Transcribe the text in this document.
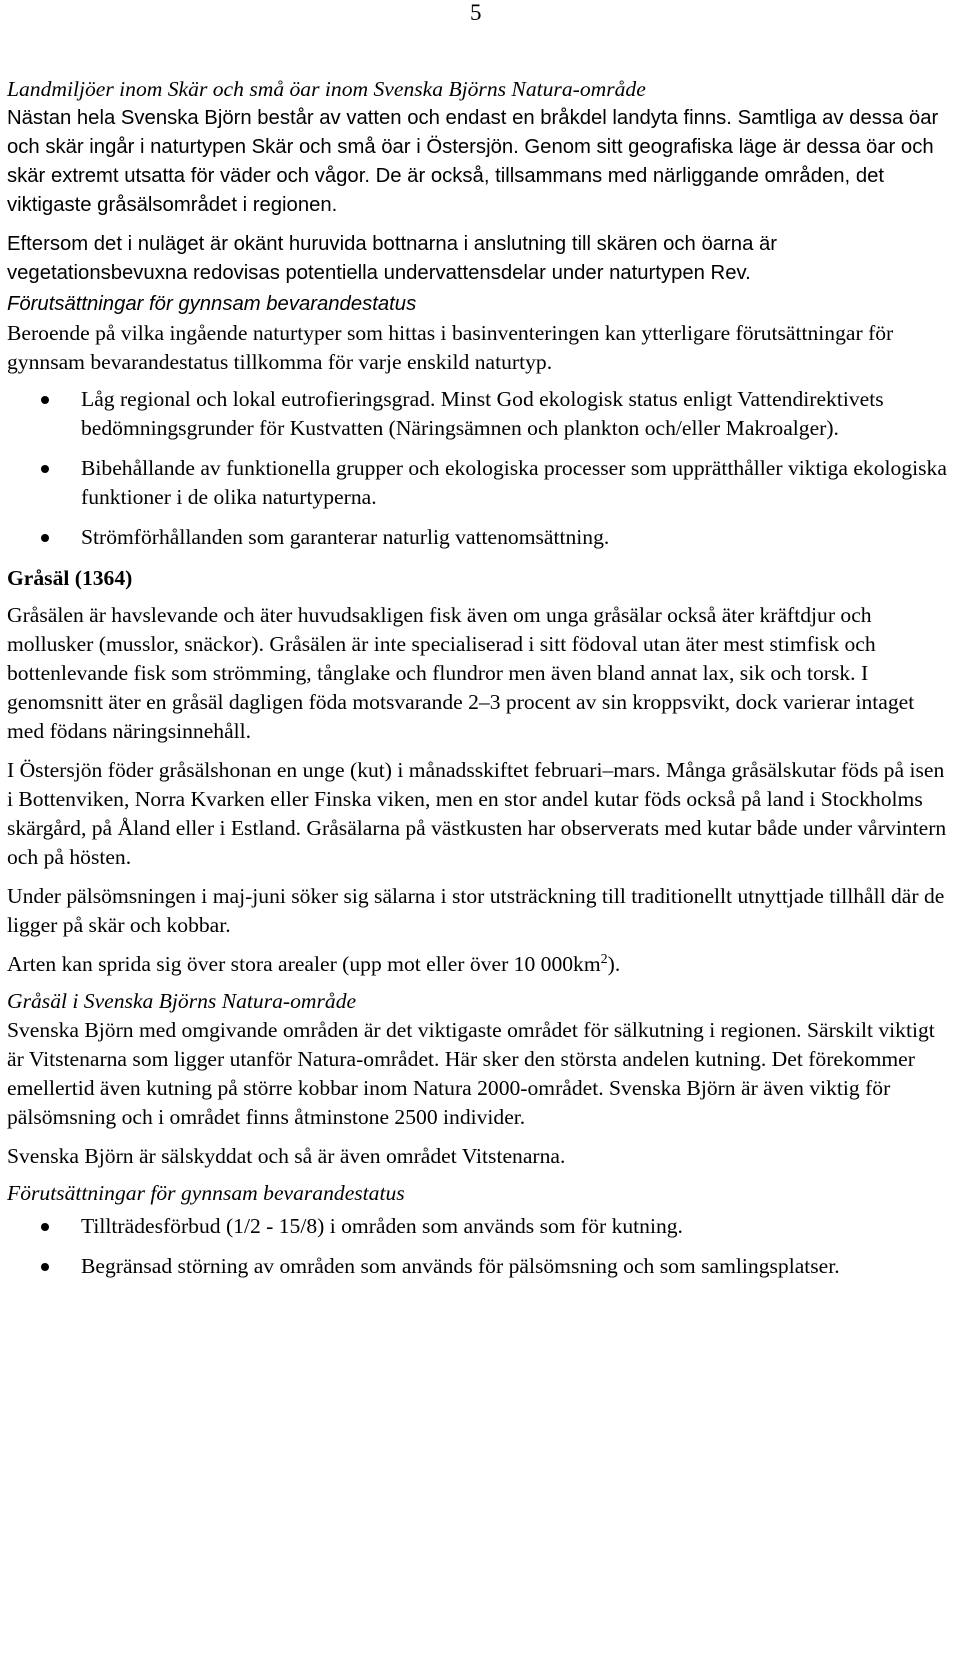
5

Landmiljöer inom Skär och små öar inom Svenska Björns Natura-område

Nästan hela Svenska Björn består av vatten och endast en bråkdel landyta finns. Samtliga av dessa öar och skär ingår i naturtypen Skär och små öar i Östersjön. Genom sitt geografiska läge är dessa öar och skär extremt utsatta för väder och vågor. De är också, tillsammans med närliggande områden, det viktigaste gråsälsområdet i regionen.

Eftersom det i nuläget är okänt huruvida bottnarna i anslutning till skären och öarna är vegetationsbevuxna redovisas potentiella undervattensdelar under naturtypen Rev.

Förutsättningar för gynnsam bevarandestatus

Beroende på vilka ingående naturtyper som hittas i basinventeringen kan ytterligare förutsättningar för gynnsam bevarandestatus tillkomma för varje enskild naturtyp.

Låg regional och lokal eutrofieringsgrad. Minst God ekologisk status enligt Vattendirektivets bedömningsgrunder för Kustvatten (Näringsämnen och plankton och/eller Makroalger).
Bibehållande av funktionella grupper och ekologiska processer som upprätthåller viktiga ekologiska funktioner i de olika naturtyperna.
Strömförhållanden som garanterar naturlig vattenomsättning.

Gråsäl (1364)

Gråsälen är havslevande och äter huvudsakligen fisk även om unga gråsälar också äter kräftdjur och mollusker (musslor, snäckor). Gråsälen är inte specialiserad i sitt födoval utan äter mest stimfisk och bottenlevande fisk som strömming, tånglake och flundror men även bland annat lax, sik och torsk. I genomsnitt äter en gråsäl dagligen föda motsvarande 2–3 procent av sin kroppsvikt, dock varierar intaget med födans näringsinnehåll.

I Östersjön föder gråsälshonan en unge (kut) i månadsskiftet februari–mars. Många gråsälskutar föds på isen i Bottenviken, Norra Kvarken eller Finska viken, men en stor andel kutar föds också på land i Stockholms skärgård, på Åland eller i Estland. Gråsälarna på västkusten har observerats med kutar både under vårvintern och på hösten.

Under pälsömsningen i maj-juni söker sig sälarna i stor utsträckning till traditionellt utnyttjade tillhåll där de ligger på skär och kobbar.

Arten kan sprida sig över stora arealer (upp mot eller över 10 $000km^2$).

Gråsäl i Svenska Björns Natura-område

Svenska Björn med omgivande områden är det viktigaste området för sälkutning i regionen. Särskilt viktigt är Vitstenarna som ligger utanför Natura-området. Här sker den största andelen kutning. Det förekommer emellertid även kutning på större kobbar inom Natura 2000-området. Svenska Björn är även viktig för pälsömsning och i området finns åtminstone 2500 individer.

Svenska Björn är sälskyddat och så är även området Vitstenarna.

Förutsättningar för gynnsam bevarandestatus

Tillträdesförbud (1/2 - 15/8) i områden som används som för kutning.
Begränsad störning av områden som används för pälsömsning och som samlingsplatser.
